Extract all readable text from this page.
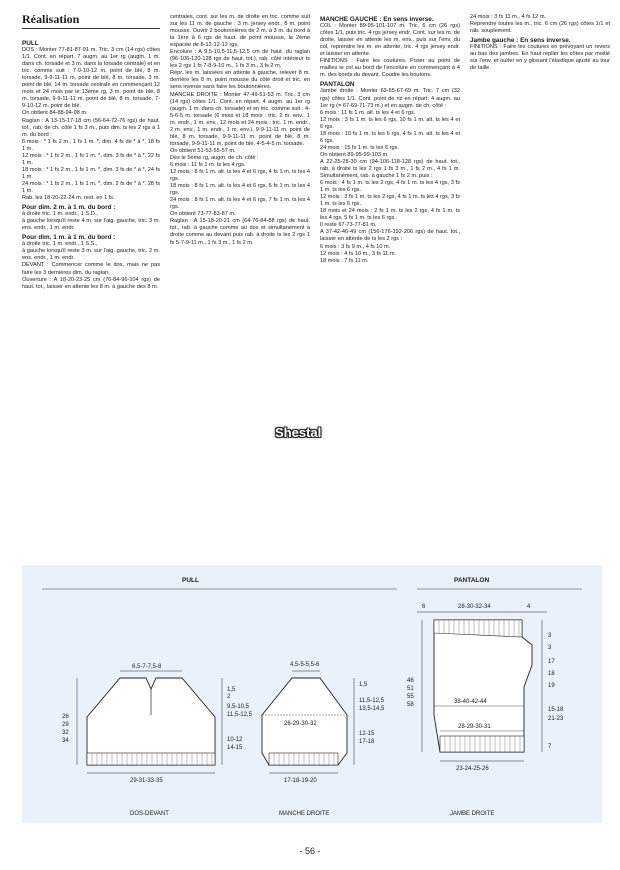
Réalisation

PULL

DOS : Monter 77-81-87-91 m. Tric. 3 cm (14 rgs) côtes 1/1. Cont. en répart. 7 augm. au 1er rg (augm. 1 m. dans ch. torsade et 3 m. dans la torsade centrale) et en tric. comme suit : 7-9-10-12 m. point de blé, 8 m. torsade, 9-9-11-11 m. point de blé, 8 m. torsade, 3 m. point de blé, 14 m. torsade centrale en commençant 12 mois et 24 mois par le 13ème rg, 3 m. point de blé, 8 m. torsade, 9-9-11-11 m. point de blé, 8 m. torsade, 7-9-10-12 m. point de blé.

On obtient 84-88-94-98 m.

Raglan : A 13-15-17-18 cm (56-64-72-76 rgs) de haut. tot., rab. de ch. côté 1 fs 3 m., puis dim. ts les 2 rgs à 1 m. du bord :

6 mois : * 1 fs 2 m., 1 fs 1 m. *, dim. 4 fs de * à *, 18 fs 1 m.

12 mois : * 1 fs 2 m., 1 fs 1 m. *, dim. 3 fs de * à *, 22 fs 1 m.

18 mois : * 1 fs 2 m., 1 fs 1 m. *, dim. 3 fs de * à *, 24 fs 1 m.

24 mois : * 1 fs 2 m., 1 fs 1 m. *, dim. 2 fs de * à *, 28 fs 1 m.

Rab. les 18-20-22-24 m. rest. en 1 fs.

Pour dim. 2 m. à 1 m. du bord :

à droite tric. 1 m. endr., 1 S.D.,

à gauche lorsqu'il reste 4 m. sur l'aig. gauche, tric. 3 m. ens. endr., 1 m. endr.

Pour dim. 1 m. à 1 m. du bord :

à droite tric. 1 m. endr., 1 S.S.,

à gauche lorsqu'il reste 3 m. sur l'aig. gauche, tric. 2 m. ens. endr., 1 m. endr.

DEVANT : Commencer comme le dos, mais ne pas faire les 3 dernières dim. du raglan.

Ouverture : A 18-20-23-25 cm (76-84-96-104 rgs) de haut. tot., laisser en attente les 8 m. à gauche des 8 m.

centrales, cont. sur les m. de droite en tric. comme suit sur les 11 m. de gauche : 3 m. jersey endr., 8 m. point mousse. Ouvrir 2 boutonnières de 2 m. à 3 m. du bord à la 1ère à 6 rgs de haut. de point mousse, la 2ème espacée de 8-12-12-12 rgs.

Encolure : A 9,5-10,5-11,5-12,5 cm de haut. du raglan (96-106-120-128 rgs de haut. tot.), rab. côté intérieur ts les 2 rgs 1 fs 7-8-9-10 m., 1 fs 3 m., 3 fs 2 m.

Répr. les m. laissées en attente à gauche, relever 8 m. derrière les 8 m. point mousse du côté droit et tric. en sens inverse sans faire les boutonnières.

MANCHE DROITE : Monter 47-49-51-53 m. Tric. 3 cm (14 rgs) côtes 1/1. Cont. en répart. 4 augm. au 1er rg (augm. 1 m. dans ch. torsade) et en tric. comme suit : 4-5-6-5 m. torsade (6 mois et 18 mois : tric. 2 m. env., 1 m. endr., 1 m. env., 12 mois et 24 mois : tric. 1 m. endr., 2 m. env., 1 m. endr., 1 m. env.), 9-9-11-11 m. point de blé, 8 m. torsade, 9-9-11-11 m. point de blé, 8 m. torsade, 9-9-11-11 m. point de blé, 4-5-4-5 m. torsade.

On obtient 51-53-55-57 m.

Dès le 5ème rg, augm. de ch. côté :

6 mois : 11 fs 1 m. ts les 4 rgs.

12 mois : 8 fs 1 m. alt. ts les 4 et 6 rgs, 4 fs 1 m. ts les 4 rgs.

18 mois : 8 fs 1 m. alt. ts les 4 et 6 rgs, 6 fs 1 m. ts les 4 rgs.

24 mois : 8 fs 1 m. alt. ts les 4 et 6 rgs, 7 fs 1 m. ts les 4 rgs.

On obtient 73-77-83-87 m.

Raglan : A 15-18-20-21 cm (64-76-84-88 rgs) de haut. tot., rab. à gauche comme au dos et simultanément à droite comme au devant puis rab. à droite ts les 2 rgs 1 fs 5-7-9-11 m., 1 fs 3 m., 1 fs 2 m.

MANCHE GAUCHE : En sens inverse.

COL : Monter 89-95-101-107 m. Tric. 6 cm (26 rgs) côtes 1/1, puis tric. 4 rgs jersey endr. Cont. sur les m. de droite, laisser en attente les m. env., puis sur l'env. du col, reprendre les m. en attente, tric. 4 rgs jersey endr. et laisser en attente.

FINITIONS : Faire les coutures. Poser au point de mailles le col au bord de l'encolure en commençant à 4 m. des bords du devant. Coudre les boutons.

PANTALON

Jambe droite : Monter 63-65-67-69 m. Tric. 7 cm (32 rgs) côtes 1/1. Cont. point de riz en répart. 4 augm. au 1er rg (= 67-69-71-73 m.) et en augm. de ch. côté :

6 mois : 11 fs 1 m. alt. ts les 4 et 6 rgs.

12 mois : 3 fs 1 m. ts les 6 rgs, 10 fs 1 m. alt. ts les 4 et 6 rgs.

18 mois : 10 fs 1 m. ts les 6 rgs, 4 fs 1 m. alt. ts les 4 et 6 rgs.

24 mois : 15 fs 1 m. ts les 6 rgs.

On obtient 89-95-99-103 m.

A 22-25-28-30 cm (94-106-118-128 rgs) de haut. tot., rab. à droite ts les 2 rgs 1 fs 3 m., 1 fs 2 m., 4 fs 1 m. Simultanément, rab. à gauche 1 fs 2 m. puis :

6 mois : 4 fs 1 m. ts les 2 rgs, 4 fs 1 m. ts les 4 rgs, 3 fs 1 m. ts les 6 rgs.

12 mois : 3 fs 1 m. ts les 2 rgs, 4 fs 1 m. ts les 4 rgs, 3 fs 1 m. ts les 6 rgs.

18 mois et 24 mois : 2 fs 1 m. ts les 2 rgs, 4 fs 1 m. ts les 4 rgs, 5 fs 1 m. ts les 6 rgs.

Il reste 67-73-77-81 m.

A 37-42-46-49 cm (156-176-192-206 rgs) de haut. tot., laisser en attente de ts les 2 rgs :

6 mois : 3 fs 9 m., 4 fs 10 m.

12 mois : 4 fs 10 m., 3 fs 11 m.

18 mois : 7 fs 11 m.

24 mois : 3 fs 11 m., 4 fs 12 m.

Reprendre toutes les m., tric. 6 cm (26 rgs) côtes 1/1 et rab. souplement.

Jambe gauche : En sens inverse.

FINITIONS : Faire les coutures en prévoyant un revers au bas des jambes. En haut replier les côtes par moitié sur l'env. et ourler en y glissant l'élastique ajusté au tour de taille.

Shestal
PULL	PANTALON
6,5-7-7,5-8
26
29
32
34
1,5
2
9,5-10,5
11,5-12,5
10-12
14-15
29-31-33-35
DOS-DEVANT
4,5-5-5,5-6
26-29-30-32
1,5
11,5-12,5
13,5-14,5
12-15
17-18
17-18-19-20
MANCHE DROITE
6	28-30-32-34	4
46
51
55
58
3
3
17
18
19
15-18
21-23
7
38-40-42-44
28-29-30-31
23-24-25-26
JAMBE DROITE
- 56 -
